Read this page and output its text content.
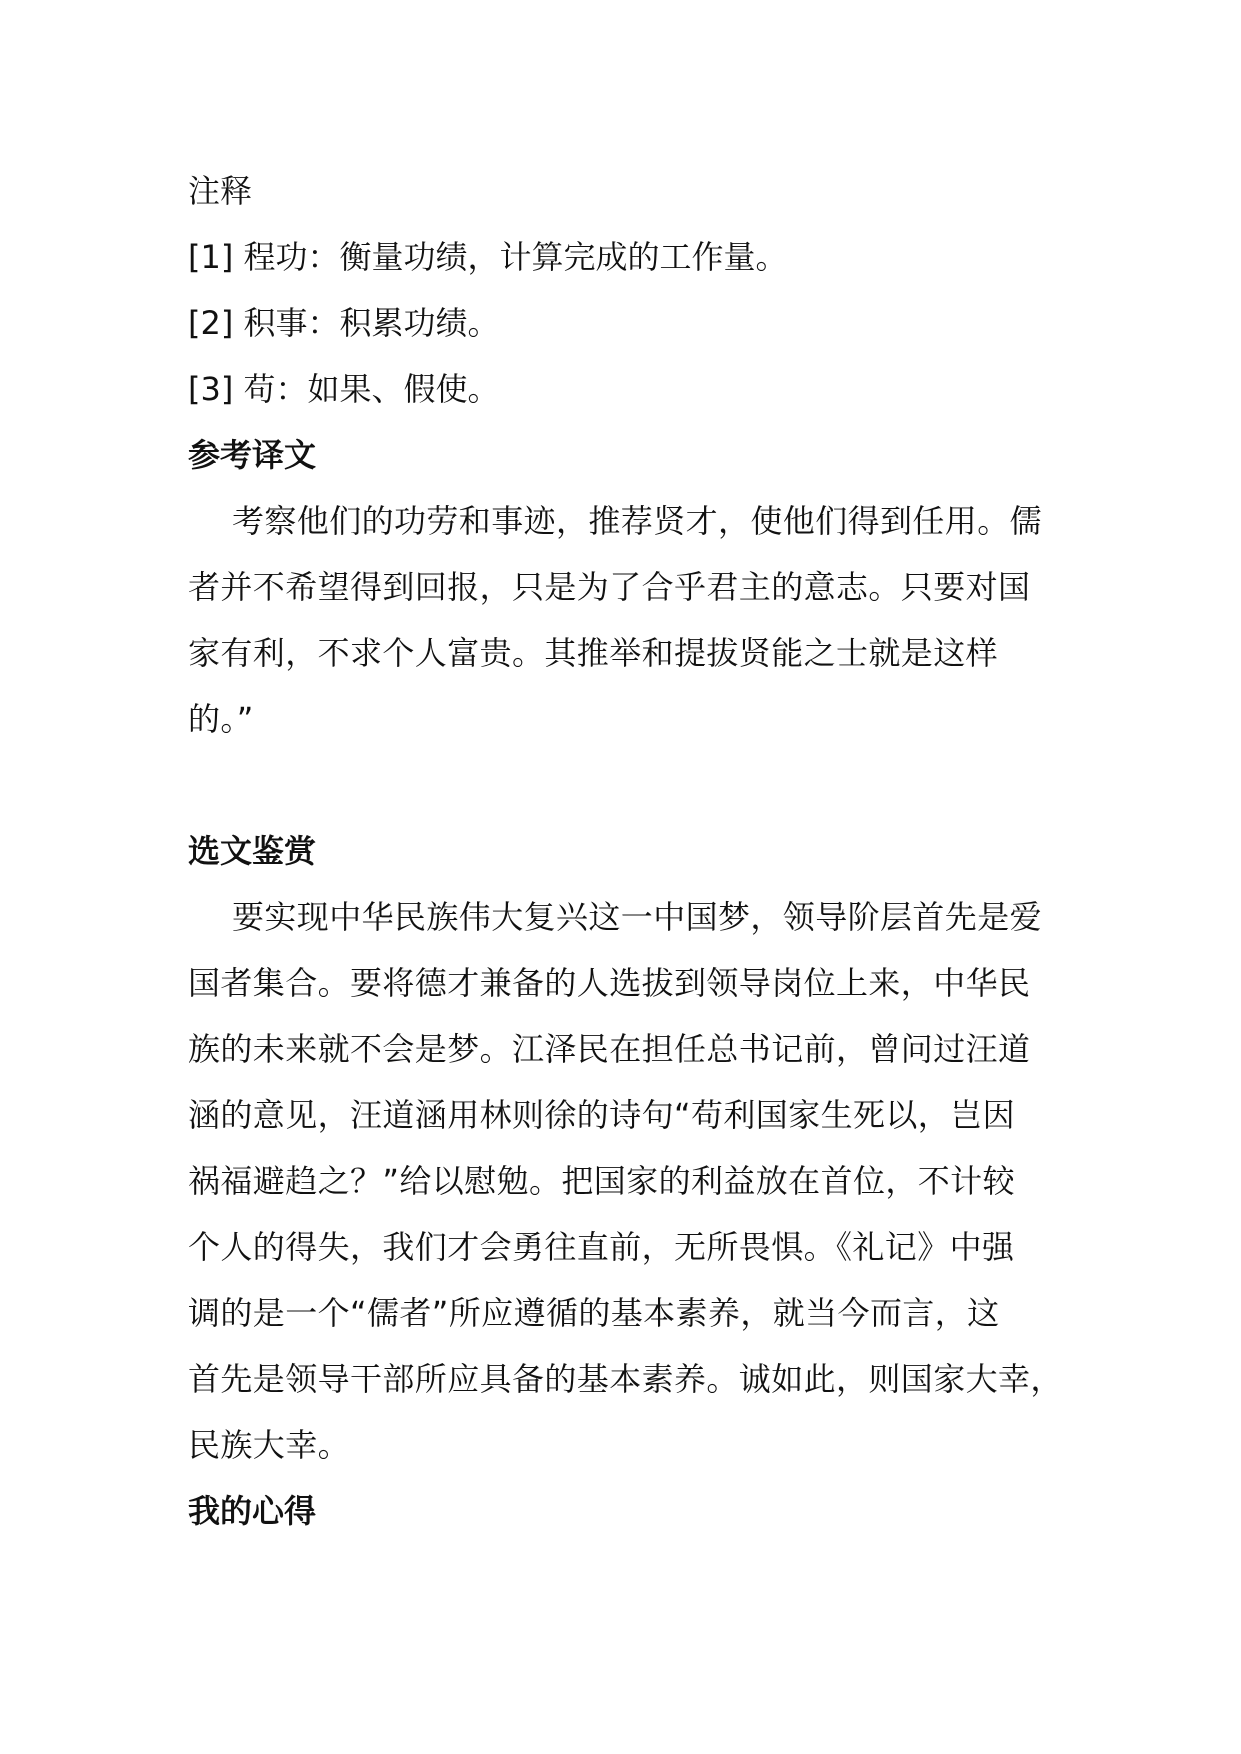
注释

[1] 程功：衡量功绩，计算完成的工作量。

[2] 积事：积累功绩。

[3] 苟：如果、假使。

参考译文

考察他们的功劳和事迹，推荐贤才，使他们得到任用。儒

者并不希望得到回报，只是为了合乎君主的意志。只要对国

家有利，不求个人富贵。其推举和提拔贤能之士就是这样

的。”

选文鉴赏

要实现中华民族伟大复兴这一中国梦，领导阶层首先是爱

国者集合。要将德才兼备的人选拔到领导岗位上来，中华民

族的未来就不会是梦。江泽民在担任总书记前，曾问过汪道

涵的意见，汪道涵用林则徐的诗句“苟利国家生死以，岂因

祸福避趋之？”给以慰勉。把国家的利益放在首位，不计较

个人的得失，我们才会勇往直前，无所畏惧。《礼记》中强

调的是一个“儒者”所应遵循的基本素养，就当今而言，这

首先是领导干部所应具备的基本素养。诚如此，则国家大幸，

民族大幸。

我的心得
